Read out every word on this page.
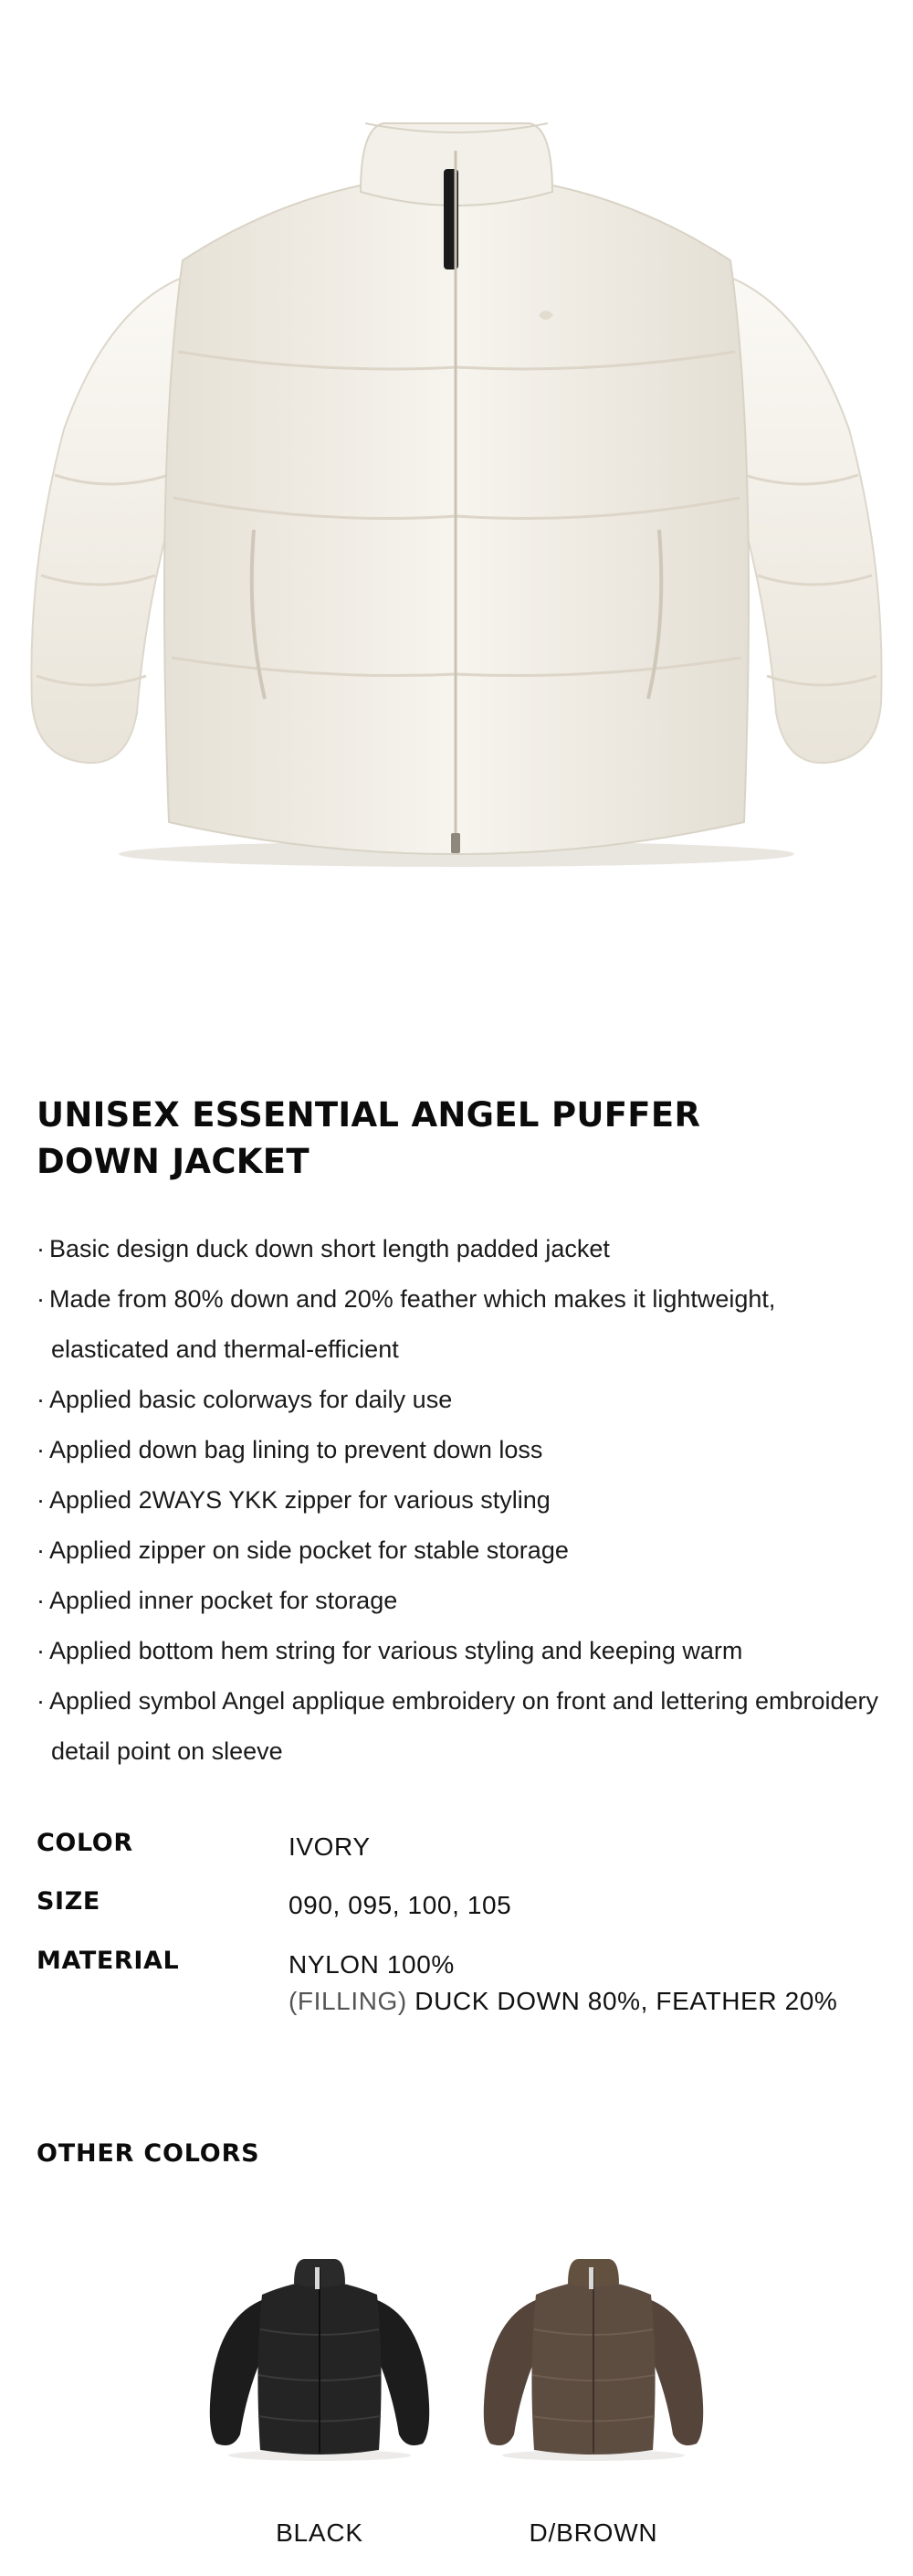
UNISEX ESSENTIAL ANGEL PUFFER
DOWN JACKET
· Basic design duck down short length padded jacket
· Made from 80% down and 20% feather which makes it lightweight,
elasticated and thermal-efficient
· Applied basic colorways for daily use
· Applied down bag lining to prevent down loss
· Applied 2WAYS YKK zipper for various styling
· Applied zipper on side pocket for stable storage
· Applied inner pocket for storage
· Applied bottom hem string for various styling and keeping warm
· Applied symbol Angel applique embroidery on front and lettering embroidery
detail point on sleeve
COLOR	IVORY
SIZE	090, 095, 100, 105
MATERIAL	NYLON 100%
(FILLING) DUCK DOWN 80%, FEATHER 20%
OTHER COLORS
BLACK	D/BROWN
